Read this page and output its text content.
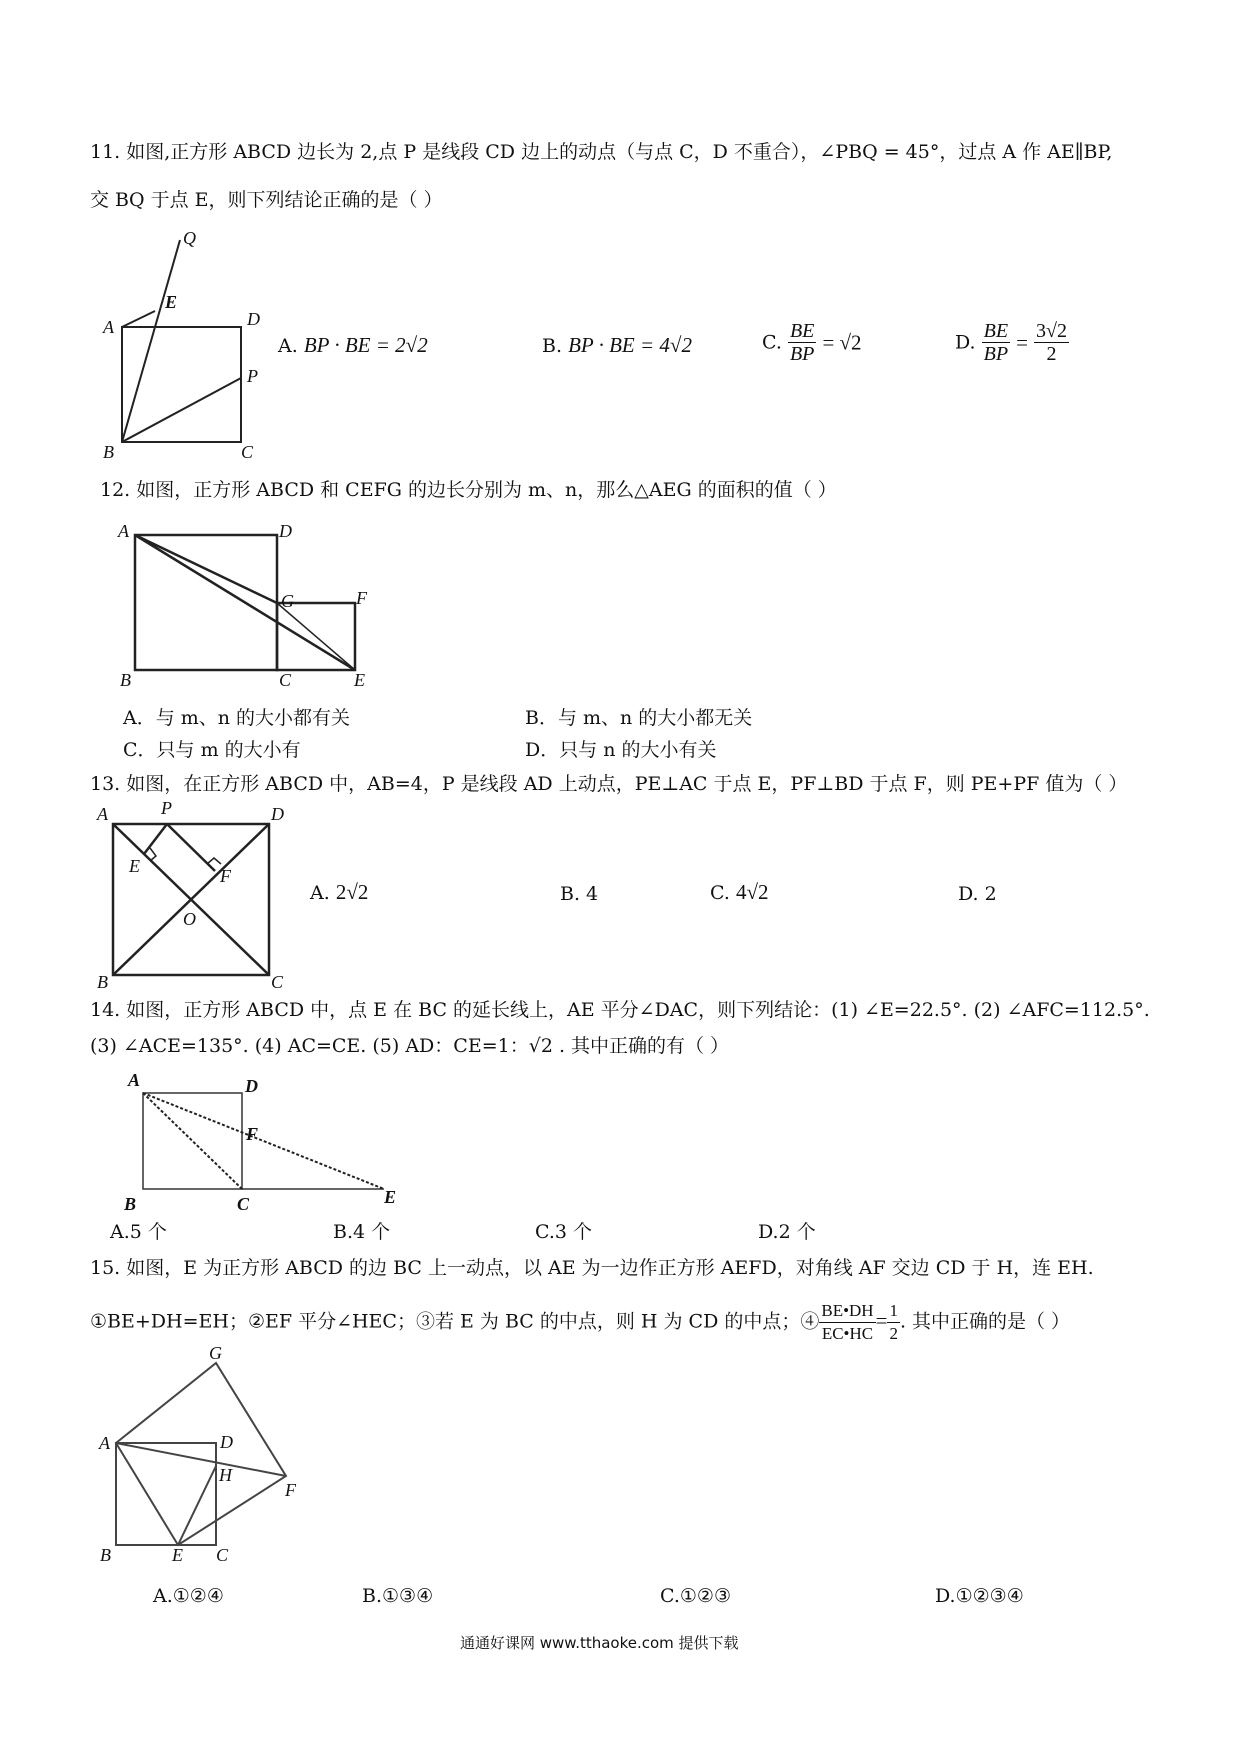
11. 如图,正方形 ABCD 边长为 2,点 P 是线段 CD 边上的动点（与点 C，D 不重合），∠PBQ = 45°，过点 A 作 AE∥BP,
交 BQ 于点 E，则下列结论正确的是（ ）
Q
E
A	D
P
B	C
A. BP · BE = 2√2	B. BP · BE = 4√2	C. $\frac{BE}{BP} = √2$	D. $\frac{BE}{BP} = \frac{3√2}{2}$
12. 如图，正方形 ABCD 和 CEFG 的边长分别为 m、n，那么△AEG 的面积的值（ ）
A	D
G	F
B	C	E
A．与 m、n 的大小都有关	B．与 m、n 的大小都无关
C．只与 m 的大小有	D．只与 n 的大小有关
13. 如图，在正方形 ABCD 中，AB=4，P 是线段 AD 上动点，PE⊥AC 于点 E，PF⊥BD 于点 F，则 PE+PF 值为（ ）
A	P	D
E	F
O
B	C
A. 2√2	B. 4	C. 4√2	D. 2
14. 如图，正方形 ABCD 中，点 E 在 BC 的延长线上，AE 平分∠DAC，则下列结论：(1) ∠E=22.5°. (2) ∠AFC=112.5°.
(3) ∠ACE=135°. (4) AC=CE. (5) AD：CE=1：√2 . 其中正确的有（ ）
A	D
F
B	C	E
A.5 个	B.4 个	C.3 个	D.2 个
15. 如图，E 为正方形 ABCD 的边 BC 上一动点，以 AE 为一边作正方形 AEFD，对角线 AF 交边 CD 于 H，连 EH.
①BE+DH=EH；②EF 平分∠HEC；③若 E 为 BC 的中点，则 H 为 CD 的中点；④ $\frac{BE•DH}{EC•HC} = \frac{1}{2}$ . 其中正确的是（ ）
G
A	D
H
F
B	E C
A.①②④	B.①③④	C.①②③	D.①②③④
通通好课网 www.tthaoke.com 提供下载
